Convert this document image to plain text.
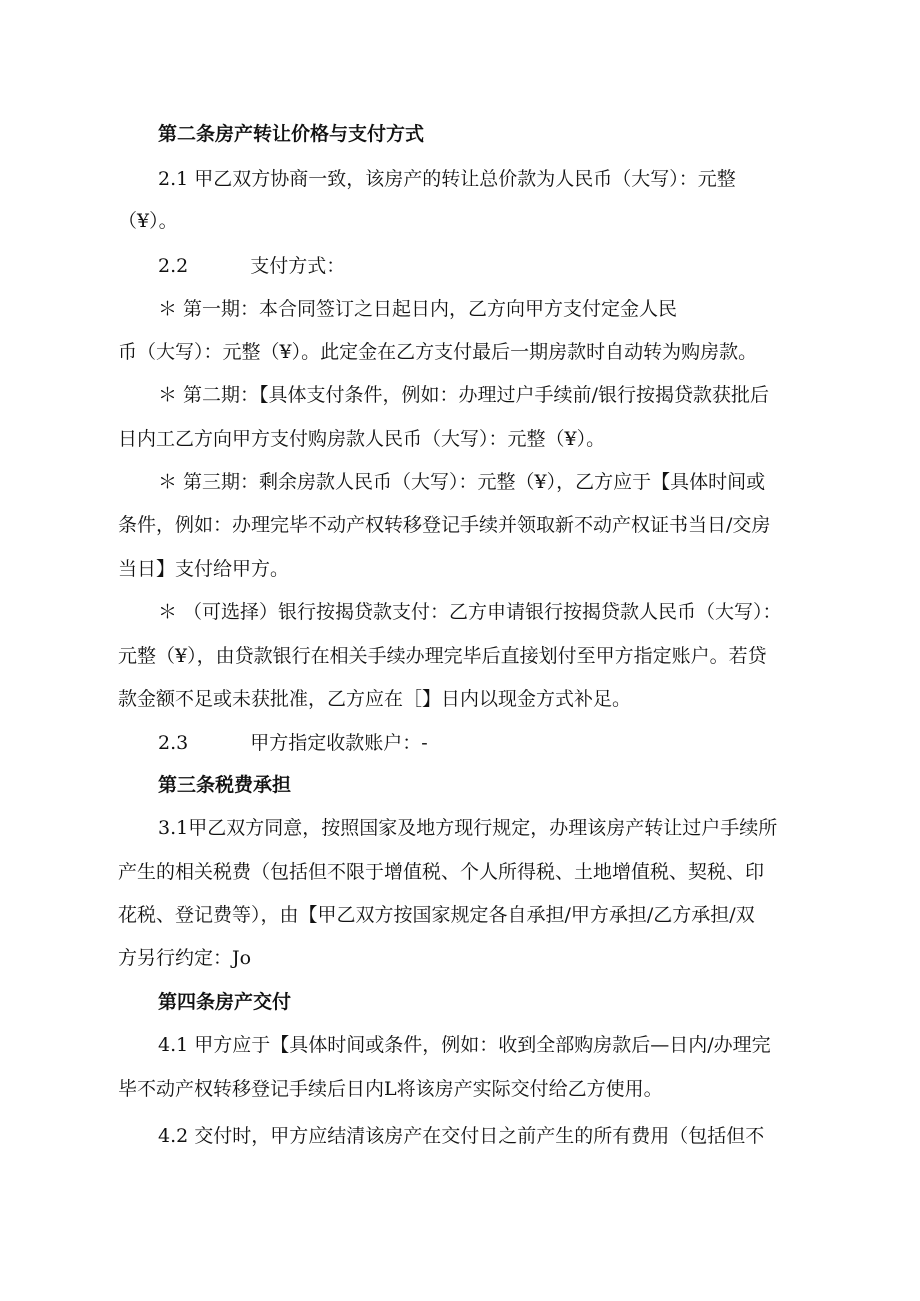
第二条房产转让价格与支付方式
2.1 甲乙双方协商一致，该房产的转让总价款为人民币（大写）：元整
（¥）。
2.2	支付方式：
＊ 第一期：本合同签订之日起日内，乙方向甲方支付定金人民
币（大写）：元整（¥）。此定金在乙方支付最后一期房款时自动转为购房款。
＊ 第二期：【具体支付条件，例如：办理过户手续前/银行按揭贷款获批后
日内工乙方向甲方支付购房款人民币（大写）：元整（¥）。
＊ 第三期：剩余房款人民币（大写）：元整（¥），乙方应于【具体时间或
条件，例如：办理完毕不动产权转移登记手续并领取新不动产权证书当日/交房
当日】支付给甲方。
＊ （可选择）银行按揭贷款支付：乙方申请银行按揭贷款人民币（大写）：
元整（¥），由贷款银行在相关手续办理完毕后直接划付至甲方指定账户。若贷
款金额不足或未获批准，乙方应在［】日内以现金方式补足。
2.3	甲方指定收款账户：-
第三条税费承担
3.1甲乙双方同意，按照国家及地方现行规定，办理该房产转让过户手续所
产生的相关税费（包括但不限于增值税、个人所得税、土地增值税、契税、印
花税、登记费等），由【甲乙双方按国家规定各自承担/甲方承担/乙方承担/双
方另行约定：Jo
第四条房产交付
4.1 甲方应于【具体时间或条件，例如：收到全部购房款后—日内/办理完
毕不动产权转移登记手续后日内L将该房产实际交付给乙方使用。
4.2 交付时，甲方应结清该房产在交付日之前产生的所有费用（包括但不
